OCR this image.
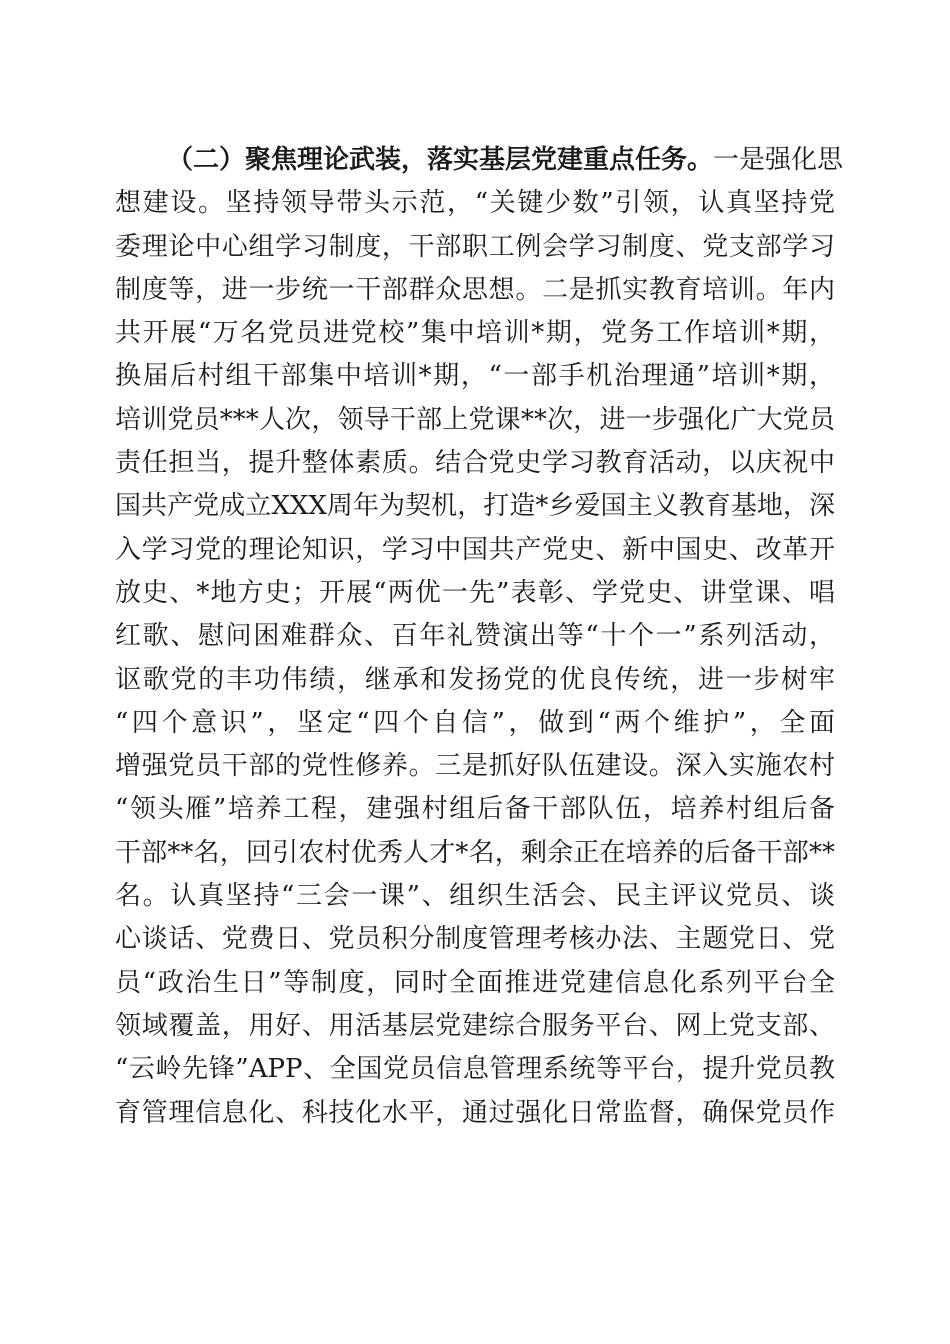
（二）聚焦理论武装，落实基层党建重点任务。一是强化思
想建设。坚持领导带头示范，“关键少数”引领，认真坚持党
委理论中心组学习制度，干部职工例会学习制度、党支部学习
制度等，进一步统一干部群众思想。二是抓实教育培训。年内
共开展“万名党员进党校”集中培训*期，党务工作培训*期，
换届后村组干部集中培训*期，“一部手机治理通”培训*期，
培训党员***人次，领导干部上党课**次，进一步强化广大党员
责任担当，提升整体素质。结合党史学习教育活动，以庆祝中
国共产党成立XXX周年为契机，打造*乡爱国主义教育基地，深
入学习党的理论知识，学习中国共产党史、新中国史、改革开
放史、*地方史；开展“两优一先”表彰、学党史、讲堂课、唱
红歌、慰问困难群众、百年礼赞演出等“十个一”系列活动，
讴歌党的丰功伟绩，继承和发扬党的优良传统，进一步树牢
“四个意识”，坚定“四个自信”，做到“两个维护”，全面
增强党员干部的党性修养。三是抓好队伍建设。深入实施农村
“领头雁”培养工程，建强村组后备干部队伍，培养村组后备
干部**名，回引农村优秀人才*名，剩余正在培养的后备干部**
名。认真坚持“三会一课”、组织生活会、民主评议党员、谈
心谈话、党费日、党员积分制度管理考核办法、主题党日、党
员“政治生日”等制度，同时全面推进党建信息化系列平台全
领域覆盖，用好、用活基层党建综合服务平台、网上党支部、
“云岭先锋”APP、全国党员信息管理系统等平台，提升党员教
育管理信息化、科技化水平，通过强化日常监督，确保党员作
